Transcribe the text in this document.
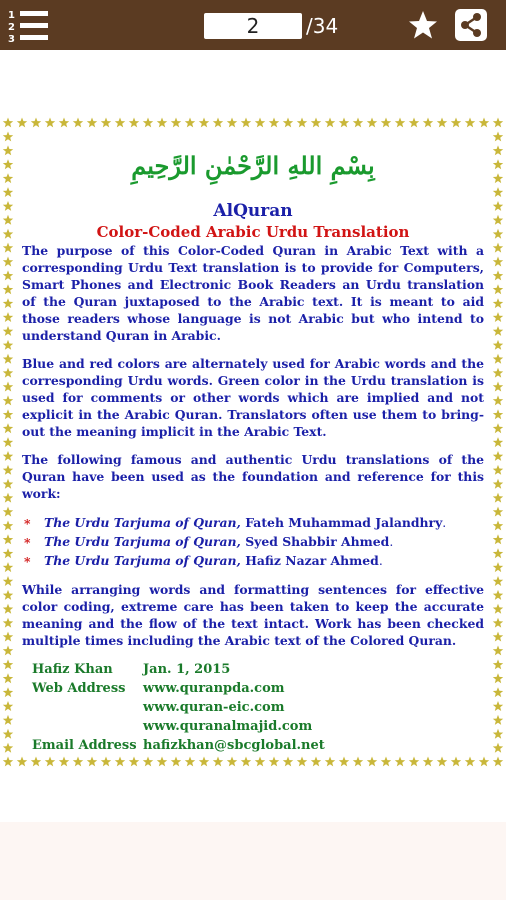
1
2
3
2	/34
بِسْمِ اللهِ الرَّحْمٰنِ الرَّحِيمِ
AlQuran
Color-Coded Arabic Urdu Translation

The purpose of this Color-Coded Quran in Arabic Text with a corresponding Urdu Text translation is to provide for Computers, Smart Phones and Electronic Book Readers an Urdu translation of the Quran juxtaposed to the Arabic text. It is meant to aid those readers whose language is not Arabic but who intend to understand Quran in Arabic.

Blue and red colors are alternately used for Arabic words and the corresponding Urdu words. Green color in the Urdu translation is used for comments or other words which are implied and not explicit in the Arabic Quran. Translators often use them to bring-out the meaning implicit in the Arabic Text.

The following famous and authentic Urdu translations of the Quran have been used as the foundation and reference for this work:

* The Urdu Tarjuma of Quran, Fateh Muhammad Jalandhry.
* The Urdu Tarjuma of Quran, Syed Shabbir Ahmed.
* The Urdu Tarjuma of Quran, Hafiz Nazar Ahmed.

While arranging words and formatting sentences for effective color coding, extreme care has been taken to keep the accurate meaning and the flow of the text intact. Work has been checked multiple times including the Arabic text of the Colored Quran.

Hafiz Khan	Jan. 1, 2015
Web Address	www.quranpda.com
www.quran-eic.com
www.quranalmajid.com
Email Address hafizkhan@sbcglobal.net
